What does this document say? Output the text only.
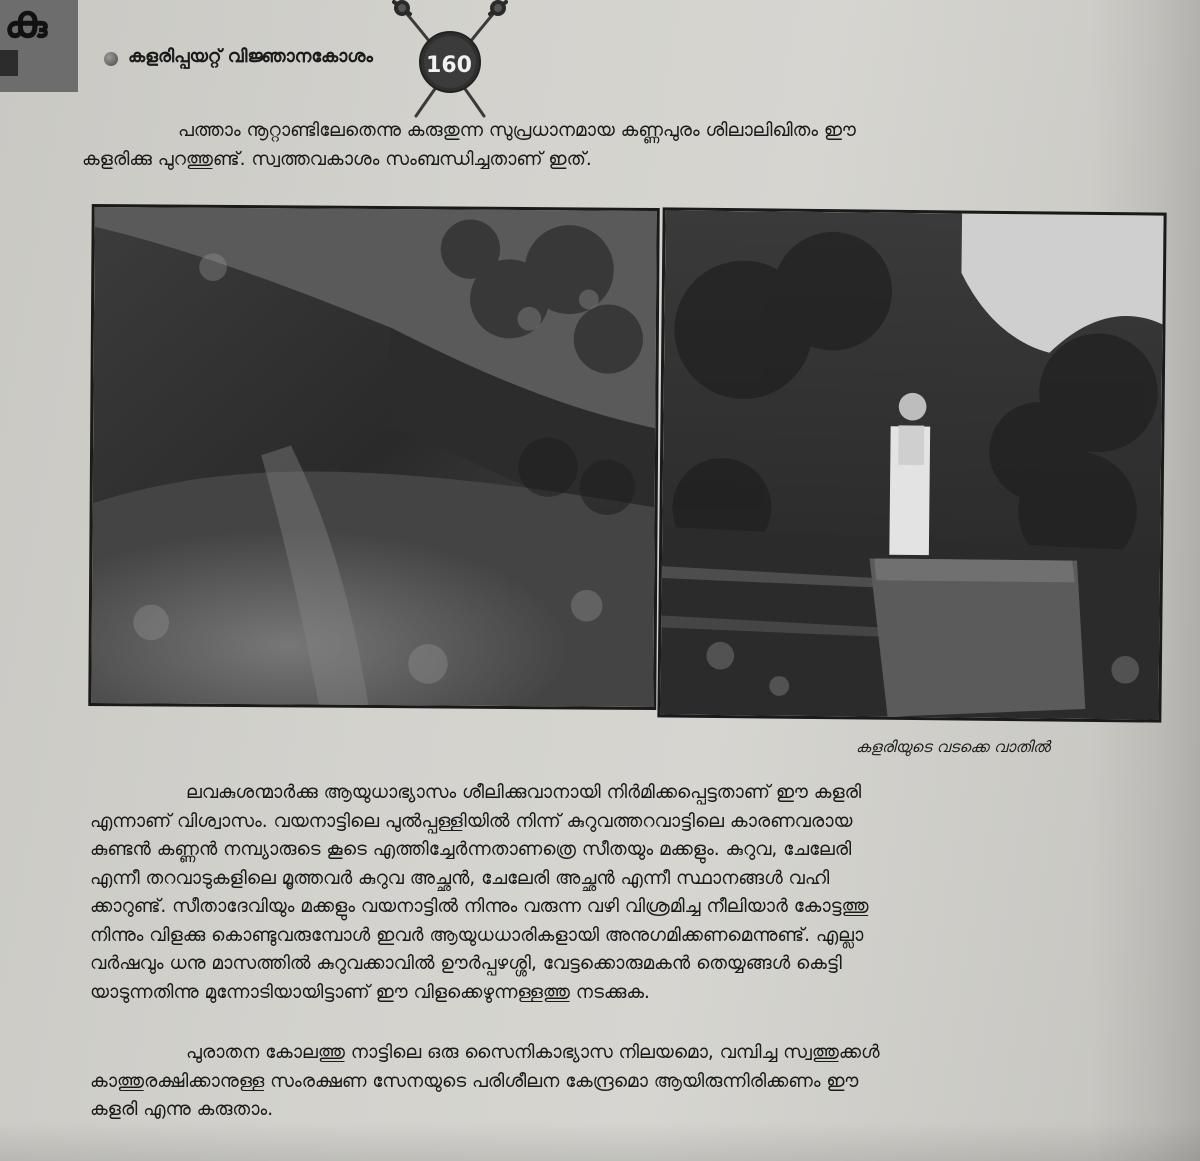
കു
കളരിപ്പയറ്റ് വിജ്ഞാനകോശം	160
പത്താം നൂറ്റാണ്ടിലേതെന്നു കരുതുന്ന സുപ്രധാനമായ കണ്ണപുരം ശിലാലിഖിതം ഈ
കളരിക്കു പുറത്തുണ്ട്. സ്വത്തവകാശം സംബന്ധിച്ചതാണ് ഇത്.
കളരിയുടെ വടക്കെ വാതിൽ
ലവകുശന്മാർക്കു ആയുധാഭ്യാസം ശീലിക്കുവാനായി നിർമിക്കപ്പെട്ടതാണ് ഈ കളരി
എന്നാണ് വിശ്വാസം. വയനാട്ടിലെ പുൽപ്പള്ളിയിൽ നിന്ന് കുറുവത്തറവാട്ടിലെ കാരണവരായ
കുണ്ടൻ കണ്ണൻ നമ്പ്യാരുടെ കൂടെ എത്തിച്ചേർന്നതാണത്രെ സീതയും മക്കളും. കുറുവ, ചേലേരി
എന്നീ തറവാടുകളിലെ മൂത്തവർ കുറുവ അച്ഛൻ, ചേലേരി അച്ഛൻ എന്നീ സ്ഥാനങ്ങൾ വഹി
ക്കാറുണ്ട്. സീതാദേവിയും മക്കളും വയനാട്ടിൽ നിന്നും വരുന്ന വഴി വിശ്രമിച്ച നീലിയാർ കോട്ടത്തു
നിന്നും വിളക്കു കൊണ്ടുവരുമ്പോൾ ഇവർ ആയുധധാരികളായി അനുഗമിക്കണമെന്നുണ്ട്. എല്ലാ
വർഷവും ധനു മാസത്തിൽ കുറുവക്കാവിൽ ഊർപ്പഴശ്ശി, വേട്ടക്കൊരുമകൻ തെയ്യങ്ങൾ കെട്ടി
യാടുന്നതിന്നു മുന്നോടിയായിട്ടാണ് ഈ വിളക്കെഴുന്നള്ളത്തു നടക്കുക.
പുരാതന കോലത്തു നാട്ടിലെ ഒരു സൈനികാഭ്യാസ നിലയമൊ, വമ്പിച്ച സ്വത്തുക്കൾ
കാത്തുരക്ഷിക്കാനുള്ള സംരക്ഷണ സേനയുടെ പരിശീലന കേന്ദ്രമൊ ആയിരുന്നിരിക്കണം ഈ
കളരി എന്നു കരുതാം.
